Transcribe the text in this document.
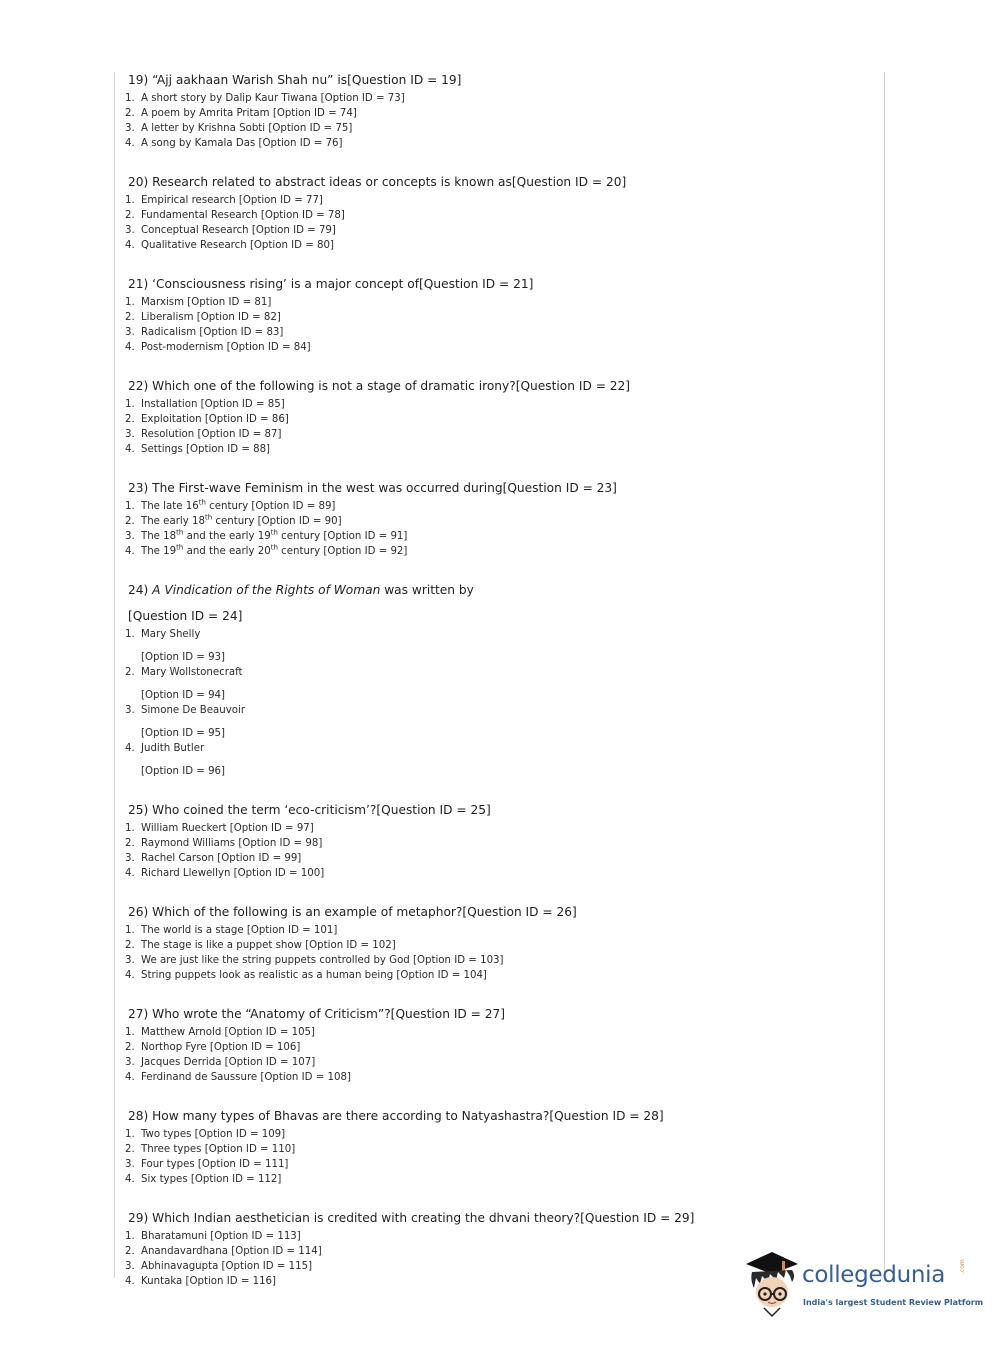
19) “Ajj aakhaan Warish Shah nu” is[Question ID = 19]
1. A short story by Dalip Kaur Tiwana [Option ID = 73]
2. A poem by Amrita Pritam [Option ID = 74]
3. A letter by Krishna Sobti [Option ID = 75]
4. A song by Kamala Das [Option ID = 76]
20) Research related to abstract ideas or concepts is known as[Question ID = 20]
1. Empirical research [Option ID = 77]
2. Fundamental Research [Option ID = 78]
3. Conceptual Research [Option ID = 79]
4. Qualitative Research [Option ID = 80]
21) ‘Consciousness rising’ is a major concept of[Question ID = 21]
1. Marxism [Option ID = 81]
2. Liberalism [Option ID = 82]
3. Radicalism [Option ID = 83]
4. Post-modernism [Option ID = 84]
22) Which one of the following is not a stage of dramatic irony?[Question ID = 22]
1. Installation [Option ID = 85]
2. Exploitation [Option ID = 86]
3. Resolution [Option ID = 87]
4. Settings [Option ID = 88]
23) The First-wave Feminism in the west was occurred during[Question ID = 23]
1. The late 16th century [Option ID = 89]
2. The early 18th century [Option ID = 90]
3. The 18th and the early 19th century [Option ID = 91]
4. The 19th and the early 20th century [Option ID = 92]
24) A Vindication of the Rights of Woman was written by
[Question ID = 24]
1. Mary Shelly
[Option ID = 93]
2. Mary Wollstonecraft
[Option ID = 94]
3. Simone De Beauvoir
[Option ID = 95]
4. Judith Butler
[Option ID = 96]
25) Who coined the term ‘eco-criticism’?[Question ID = 25]
1. William Rueckert [Option ID = 97]
2. Raymond Williams [Option ID = 98]
3. Rachel Carson [Option ID = 99]
4. Richard Llewellyn [Option ID = 100]
26) Which of the following is an example of metaphor?[Question ID = 26]
1. The world is a stage [Option ID = 101]
2. The stage is like a puppet show [Option ID = 102]
3. We are just like the string puppets controlled by God [Option ID = 103]
4. String puppets look as realistic as a human being [Option ID = 104]
27) Who wrote the “Anatomy of Criticism”?[Question ID = 27]
1. Matthew Arnold [Option ID = 105]
2. Northop Fyre [Option ID = 106]
3. Jacques Derrida [Option ID = 107]
4. Ferdinand de Saussure [Option ID = 108]
28) How many types of Bhavas are there according to Natyashastra?[Question ID = 28]
1. Two types [Option ID = 109]
2. Three types [Option ID = 110]
3. Four types [Option ID = 111]
4. Six types [Option ID = 112]
29) Which Indian aesthetician is credited with creating the dhvani theory?[Question ID = 29]
1. Bharatamuni [Option ID = 113]
2. Anandavardhana [Option ID = 114]
3. Abhinavagupta [Option ID = 115]
4. Kuntaka [Option ID = 116]	collegedunia .com
India's largest Student Review Platform
